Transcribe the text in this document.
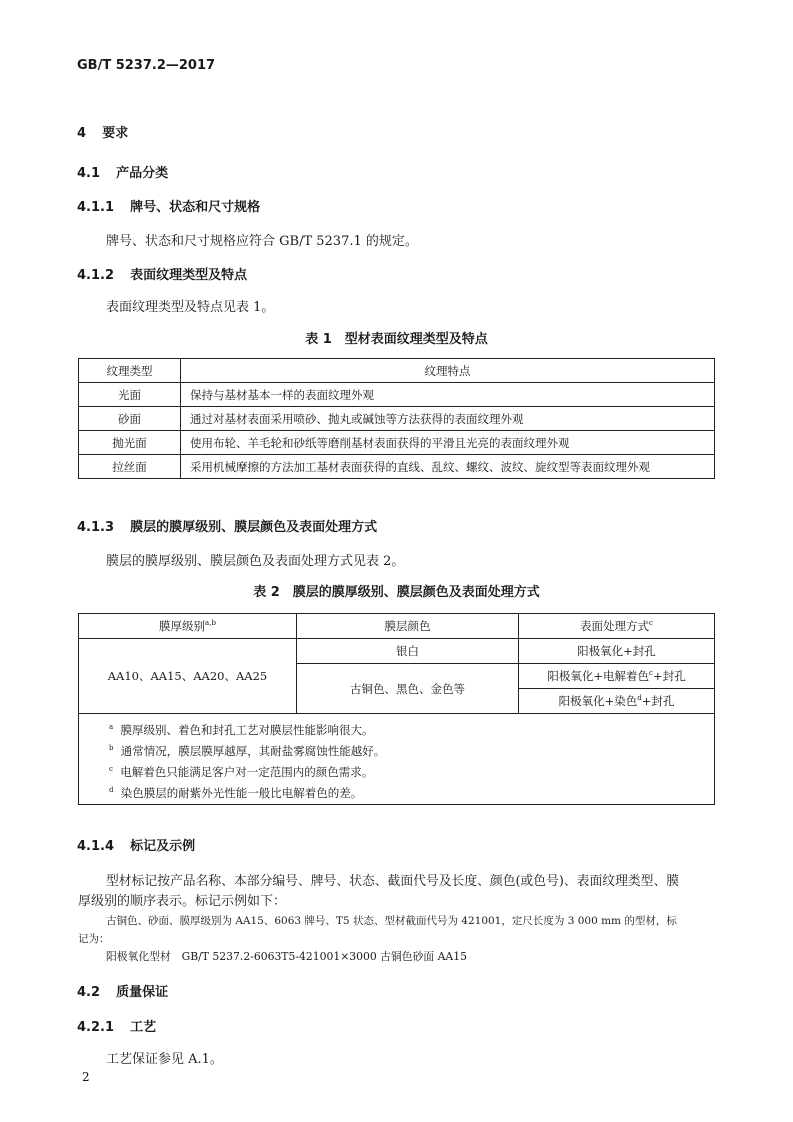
GB/T 5237.2—2017
4 要求
4.1 产品分类
4.1.1 牌号、状态和尺寸规格
牌号、状态和尺寸规格应符合 GB/T 5237.1 的规定。
4.1.2 表面纹理类型及特点
表面纹理类型及特点见表 1。
表 1　型材表面纹理类型及特点
纹理类型	纹理特点
光面	保持与基材基本一样的表面纹理外观
砂面	通过对基材表面采用喷砂、抛丸或碱蚀等方法获得的表面纹理外观
抛光面	使用布轮、羊毛轮和砂纸等磨削基材表面获得的平滑且光亮的表面纹理外观
拉丝面	采用机械摩擦的方法加工基材表面获得的直线、乱纹、螺纹、波纹、旋纹型等表面纹理外观
4.1.3 膜层的膜厚级别、膜层颜色及表面处理方式
膜层的膜厚级别、膜层颜色及表面处理方式见表 2。
表 2　膜层的膜厚级别、膜层颜色及表面处理方式
膜厚级别$^{a,b}$	膜层颜色	表面处理方式$^c$
AA10、AA15、AA20、AA25	银白	阳极氧化+封孔
	古铜色、黑色、金色等	阳极氧化+电解着色$^c$+封孔
		阳极氧化+染色$^d$+封孔

$^a$ 膜厚级别、着色和封孔工艺对膜层性能影响很大。
$^b$ 通常情况，膜层膜厚越厚，其耐盐雾腐蚀性能越好。
$^c$ 电解着色只能满足客户对一定范围内的颜色需求。
$^d$ 染色膜层的耐紫外光性能一般比电解着色的差。		
4.1.4 标记及示例
型材标记按产品名称、本部分编号、牌号、状态、截面代号及长度、颜色(或色号)、表面纹理类型、膜
厚级别的顺序表示。标记示例如下：
古铜色、砂面、膜厚级别为 AA15、6063 牌号、T5 状态、型材截面代号为 421001，定尺长度为 3 000 mm 的型材，标
记为：
阳极氧化型材　GB/T 5237.2-6063T5-421001×3000 古铜色砂面 AA15
4.2 质量保证
4.2.1 工艺
工艺保证参见 A.1。
2
